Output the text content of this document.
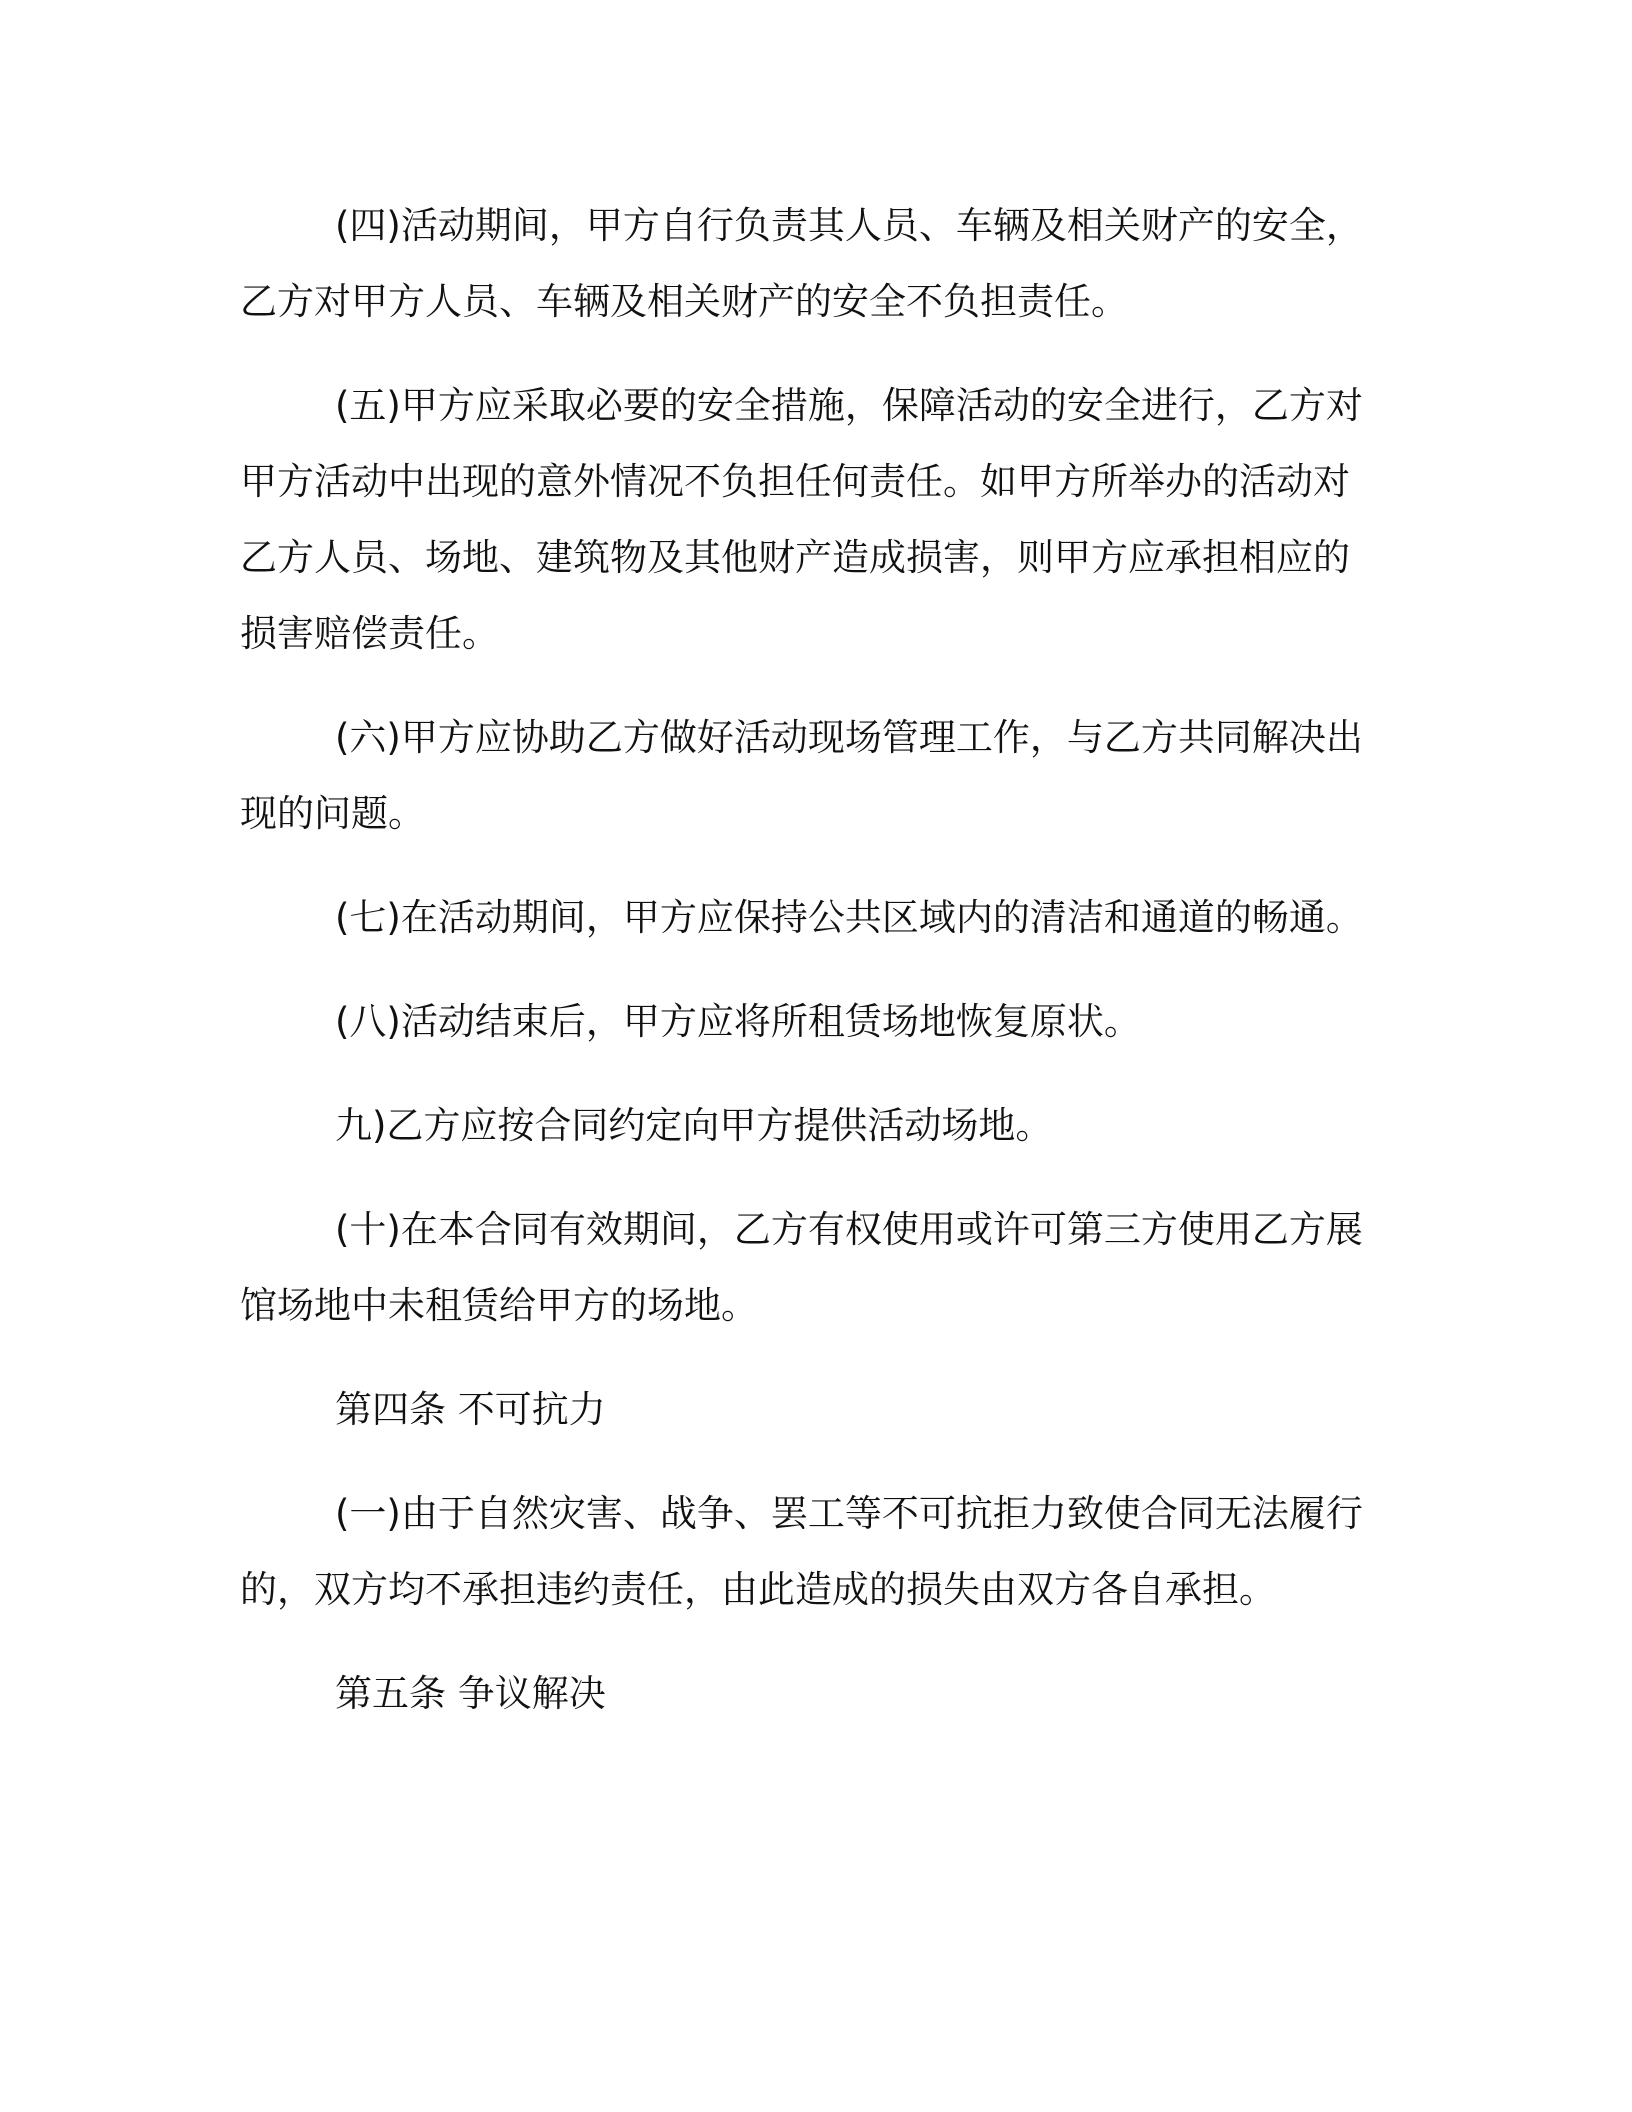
(四)活动期间，甲方自行负责其人员、车辆及相关财产的安全，乙方对甲方人员、车辆及相关财产的安全不负担责任。

(五)甲方应采取必要的安全措施，保障活动的安全进行，乙方对甲方活动中出现的意外情况不负担任何责任。如甲方所举办的活动对乙方人员、场地、建筑物及其他财产造成损害，则甲方应承担相应的损害赔偿责任。

(六)甲方应协助乙方做好活动现场管理工作，与乙方共同解决出现的问题。

(七)在活动期间，甲方应保持公共区域内的清洁和通道的畅通。

(八)活动结束后，甲方应将所租赁场地恢复原状。

九)乙方应按合同约定向甲方提供活动场地。

(十)在本合同有效期间，乙方有权使用或许可第三方使用乙方展馆场地中未租赁给甲方的场地。

第四条 不可抗力

(一)由于自然灾害、战争、罢工等不可抗拒力致使合同无法履行的，双方均不承担违约责任，由此造成的损失由双方各自承担。

第五条 争议解决
